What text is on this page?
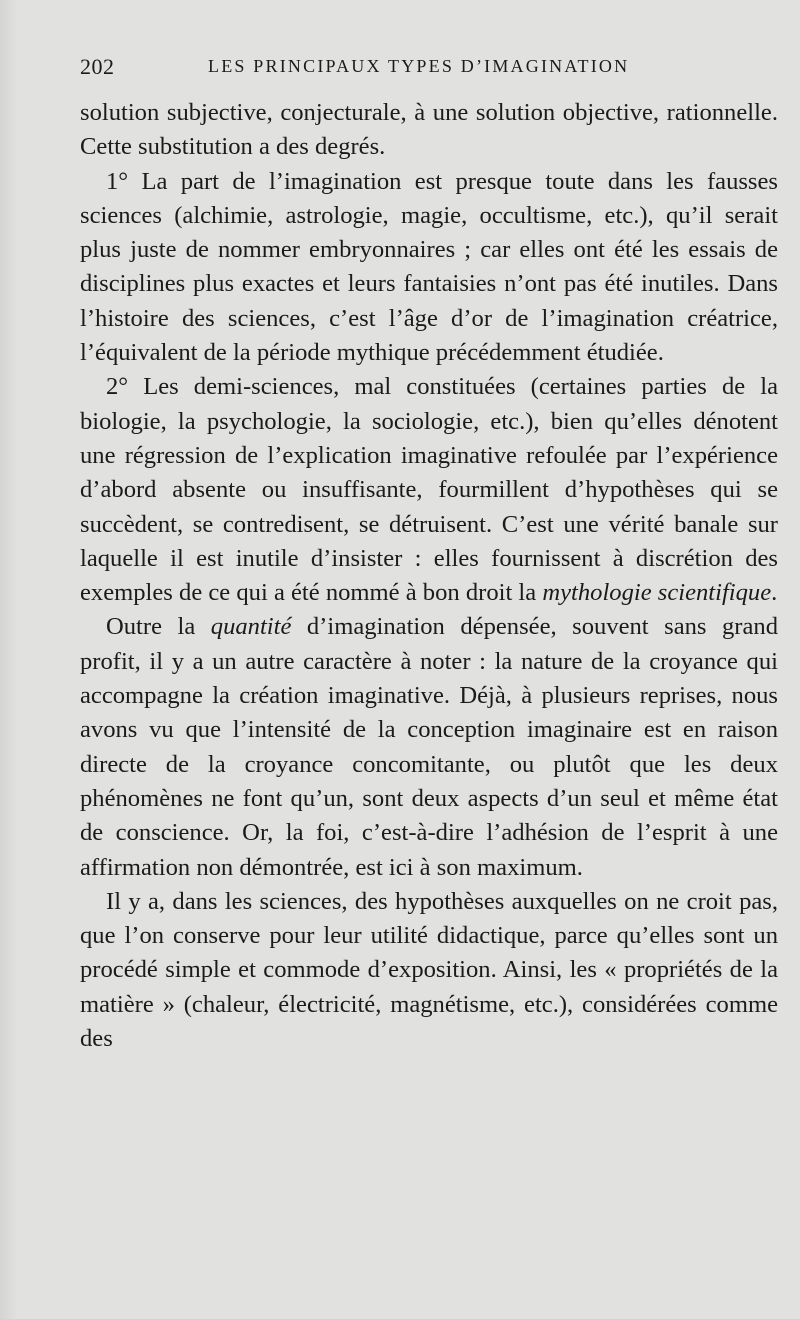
202	LES PRINCIPAUX TYPES D’IMAGINATION

solution subjective, conjecturale, à une solution objective, rationnelle. Cette substitution a des degrés.

1° La part de l’imagination est presque toute dans les fausses sciences (alchimie, astrologie, magie, occultisme, etc.), qu’il serait plus juste de nommer embryonnaires ; car elles ont été les essais de disciplines plus exactes et leurs fantaisies n’ont pas été inutiles. Dans l’histoire des sciences, c’est l’âge d’or de l’imagination créatrice, l’équivalent de la période mythique précédemment étudiée.

2° Les demi-sciences, mal constituées (certaines parties de la biologie, la psychologie, la sociologie, etc.), bien qu’elles dénotent une régression de l’explication imaginative refoulée par l’expérience d’abord absente ou insuffisante, fourmillent d’hypothèses qui se succèdent, se contredisent, se détruisent. C’est une vérité banale sur laquelle il est inutile d’insister : elles fournissent à discrétion des exemples de ce qui a été nommé à bon droit la mythologie scientifique.

Outre la quantité d’imagination dépensée, souvent sans grand profit, il y a un autre caractère à noter : la nature de la croyance qui accompagne la création imaginative. Déjà, à plusieurs reprises, nous avons vu que l’intensité de la conception imaginaire est en raison directe de la croyance concomitante, ou plutôt que les deux phénomènes ne font qu’un, sont deux aspects d’un seul et même état de conscience. Or, la foi, c’est-à-dire l’adhésion de l’esprit à une affirmation non démontrée, est ici à son maximum.

Il y a, dans les sciences, des hypothèses auxquelles on ne croit pas, que l’on conserve pour leur utilité didactique, parce qu’elles sont un procédé simple et commode d’exposition. Ainsi, les « propriétés de la matière » (chaleur, électricité, magnétisme, etc.), considérées comme des
